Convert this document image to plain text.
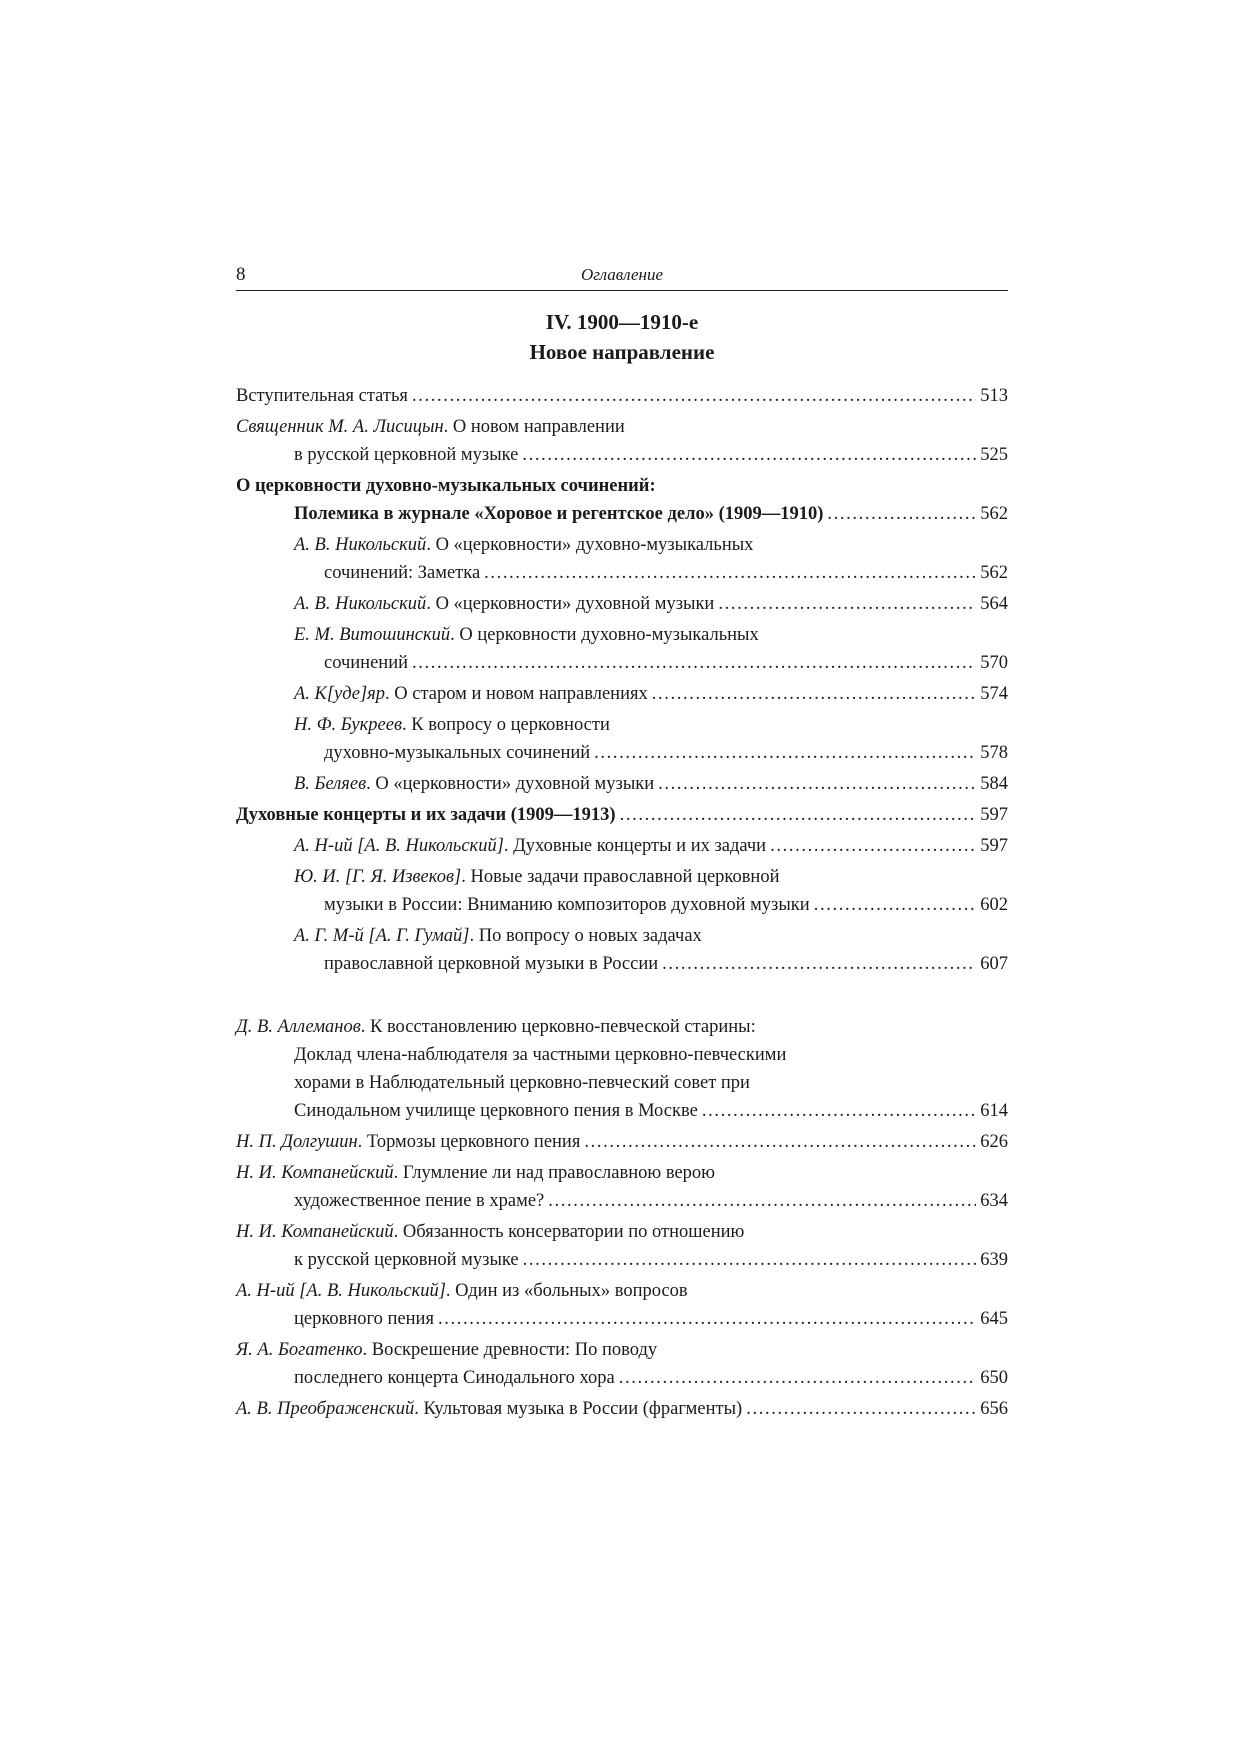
8	Оглавление
IV. 1900—1910-е
Новое направление
Вступительная статья . . .	513
Священник М. А. Лисицын. О новом направлении
в русской церковной музыке . . .	525
О церковности духовно-музыкальных сочинений:
Полемика в журнале «Хоровое и регентское дело» (1909—1910) . . .	562
А. В. Никольский. О «церковности» духовно-музыкальных
сочинений: Заметка . . .	562
А. В. Никольский. О «церковности» духовной музыки . . .	564
Е. М. Витошинский. О церковности духовно-музыкальных
сочинений . . .	570
А. К[уде]яр. О старом и новом направлениях . . .	574
Н. Ф. Букреев. К вопросу о церковности
духовно-музыкальных сочинений . . .	578
В. Беляев. О «церковности» духовной музыки . . .	584
Духовные концерты и их задачи (1909—1913) . . .	597
А. Н-ий [А. В. Никольский]. Духовные концерты и их задачи . . .	597
Ю. И. [Г. Я. Извеков]. Новые задачи православной церковной
музыки в России: Вниманию композиторов духовной музыки . . .	602
А. Г. М-й [А. Г. Гумай]. По вопросу о новых задачах
православной церковной музыки в России . . .	607
Д. В. Аллеманов. К восстановлению церковно-певческой старины:
Доклад члена-наблюдателя за частными церковно-певческими
хорами в Наблюдательный церковно-певческий совет при
Синодальном училище церковного пения в Москве . . .	614
Н. П. Долгушин. Тормозы церковного пения . . .	626
Н. И. Компанейский. Глумление ли над православною верою
художественное пение в храме? . . .	634
Н. И. Компанейский. Обязанность консерватории по отношению
к русской церковной музыке . . .	639
А. Н-ий [А. В. Никольский]. Один из «больных» вопросов
церковного пения . . .	645
Я. А. Богатенко. Воскрешение древности: По поводу
последнего концерта Синодального хора . . .	650
А. В. Преображенский. Культовая музыка в России (фрагменты) . . .	656
